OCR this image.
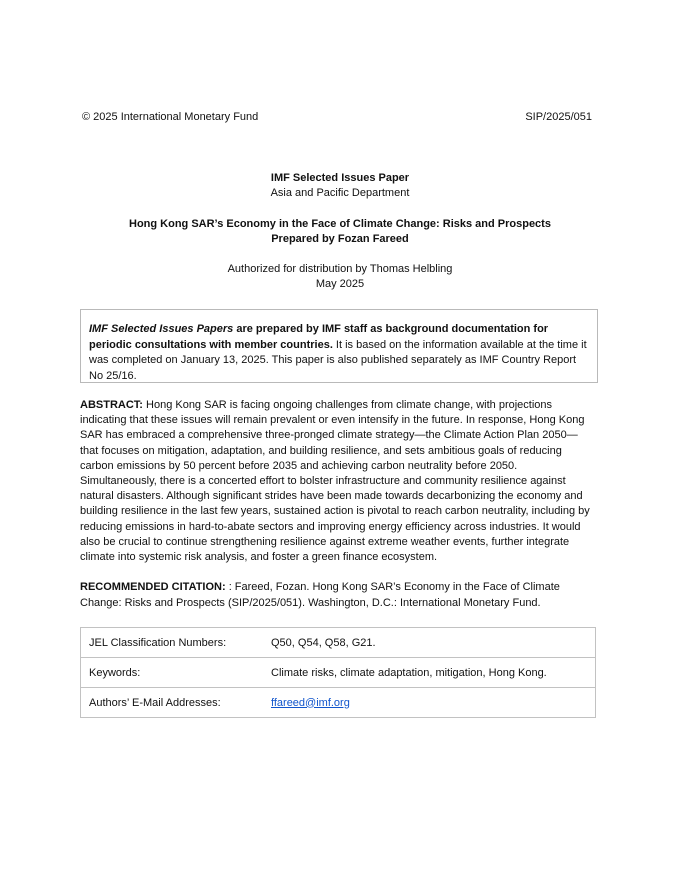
© 2025 International Monetary Fund	SIP/2025/051
IMF Selected Issues Paper
Asia and Pacific Department
Hong Kong SAR’s Economy in the Face of Climate Change: Risks and Prospects
Prepared by Fozan Fareed
Authorized for distribution by Thomas Helbling
May 2025
IMF Selected Issues Papers are prepared by IMF staff as background documentation for periodic consultations with member countries. It is based on the information available at the time it was completed on January 13, 2025. This paper is also published separately as IMF Country Report No 25/16.
ABSTRACT: Hong Kong SAR is facing ongoing challenges from climate change, with projections indicating that these issues will remain prevalent or even intensify in the future. In response, Hong Kong SAR has embraced a comprehensive three-pronged climate strategy—the Climate Action Plan 2050—that focuses on mitigation, adaptation, and building resilience, and sets ambitious goals of reducing carbon emissions by 50 percent before 2035 and achieving carbon neutrality before 2050. Simultaneously, there is a concerted effort to bolster infrastructure and community resilience against natural disasters. Although significant strides have been made towards decarbonizing the economy and building resilience in the last few years, sustained action is pivotal to reach carbon neutrality, including by reducing emissions in hard-to-abate sectors and improving energy efficiency across industries. It would also be crucial to continue strengthening resilience against extreme weather events, further integrate climate into systemic risk analysis, and foster a green finance ecosystem.
RECOMMENDED CITATION: : Fareed, Fozan. Hong Kong SAR’s Economy in the Face of Climate Change: Risks and Prospects (SIP/2025/051). Washington, D.C.: International Monetary Fund.
JEL Classification Numbers:	Q50, Q54, Q58, G21.
Keywords:	Climate risks, climate adaptation, mitigation, Hong Kong.
Authors’ E-Mail Addresses:	ffareed@imf.org
